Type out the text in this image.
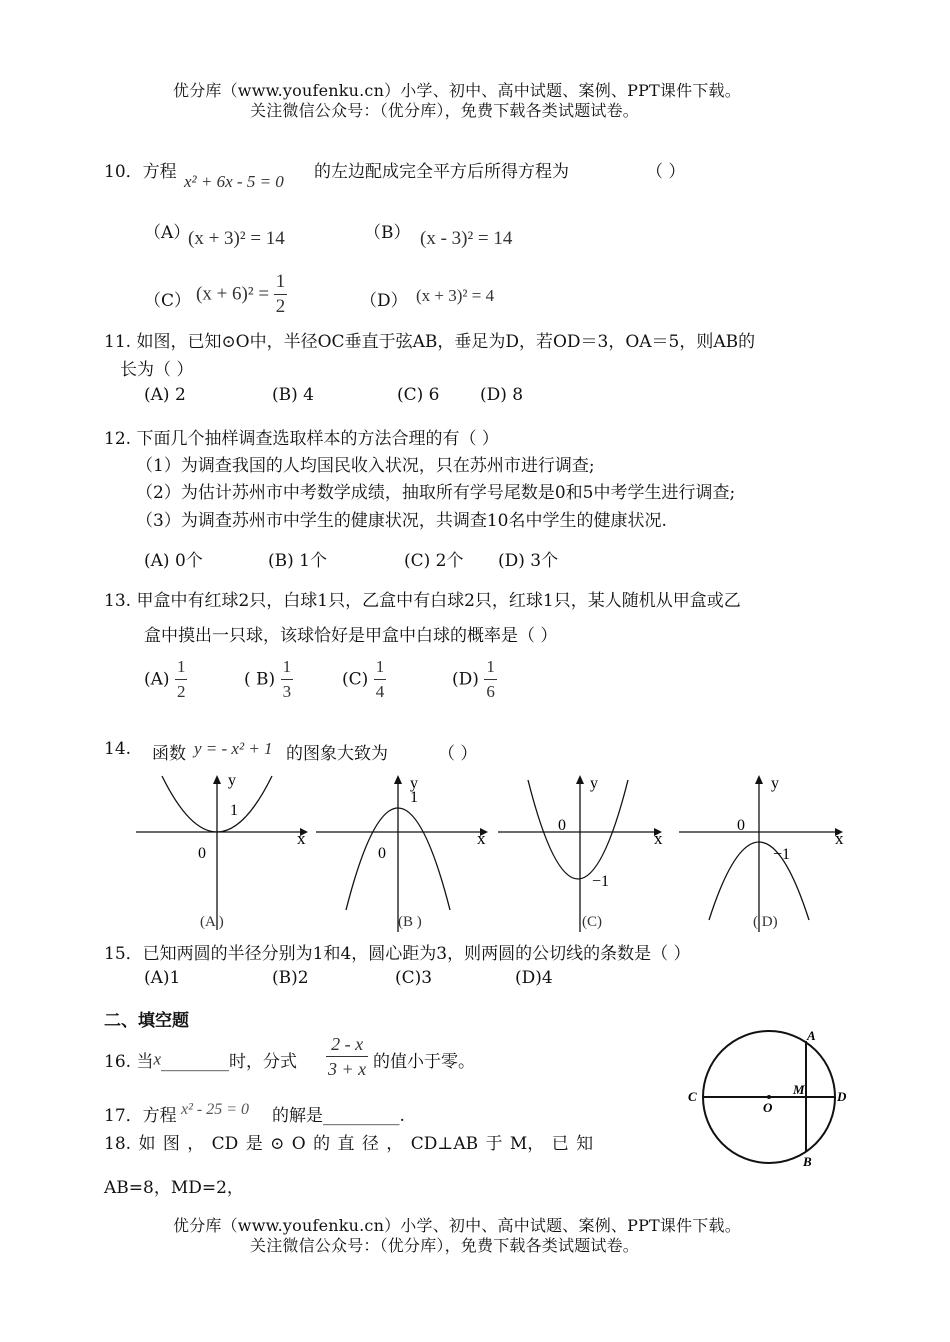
优分库（www.youfenku.cn）小学、初中、高中试题、案例、PPT课件下载。
关注微信公众号：（优分库），免费下载各类试题试卷。
10．方程 x² + 6x - 5 = 0 的左边配成完全平方后所得方程为	（ ）
（A）
(x + 3)² = 14	（B） (x - 3)² = 14
（C） $(x + 6)^2 = \frac{1}{2}$	（D） (x + 3)² = 4
11. 如图，已知⊙O中，半径OC垂直于弦AB，垂足为D，若OD＝3，OA＝5，则AB的
长为（ ）
(A) 2	(B) 4	(C) 6 (D) 8
12. 下面几个抽样调查选取样本的方法合理的有（ ）
（1）为调查我国的人均国民收入状况，只在苏州市进行调查;
（2）为估计苏州市中考数学成绩，抽取所有学号尾数是0和5中考学生进行调查;
（3）为调查苏州市中学生的健康状况，共调查10名中学生的健康状况.
(A) 0个	(B) 1个	(C) 2个 (D) 3个
13. 甲盒中有红球2只，白球1只，乙盒中有白球2只，红球1只，某人随机从甲盒或乙
盒中摸出一只球，该球恰好是甲盒中白球的概率是（ ）
$(A) \frac{1}{2}$	( $B) \frac{1}{3}$	$(C) \frac{1}{4}$	$(D) \frac{1}{6}$
14. 函数 y = - x² + 1 的图象大致为	（ ）
y
1
0
x
(A )
y
1
0
x
(B )
y
0
−1
x
(C)
y
0
−1
x
( D)
15．已知两圆的半径分别为1和4，圆心距为3，则两圆的公切线的条数是（ ）
(A)1	(B)2	(C)3	(D)4
二、填空题
16. 当x________时，分式 $\frac{2 - x}{3 + x}$ 的值小于零。
17．方程 x² - 25 = 0 的解是_________.
18. 如 图 ， CD 是 ⊙ O 的 直 径 ， CD⊥AB 于 M， 已 知
AB=8，MD=2，
A
B
C	D
M
O
优分库（www.youfenku.cn）小学、初中、高中试题、案例、PPT课件下载。
关注微信公众号：（优分库），免费下载各类试题试卷。
